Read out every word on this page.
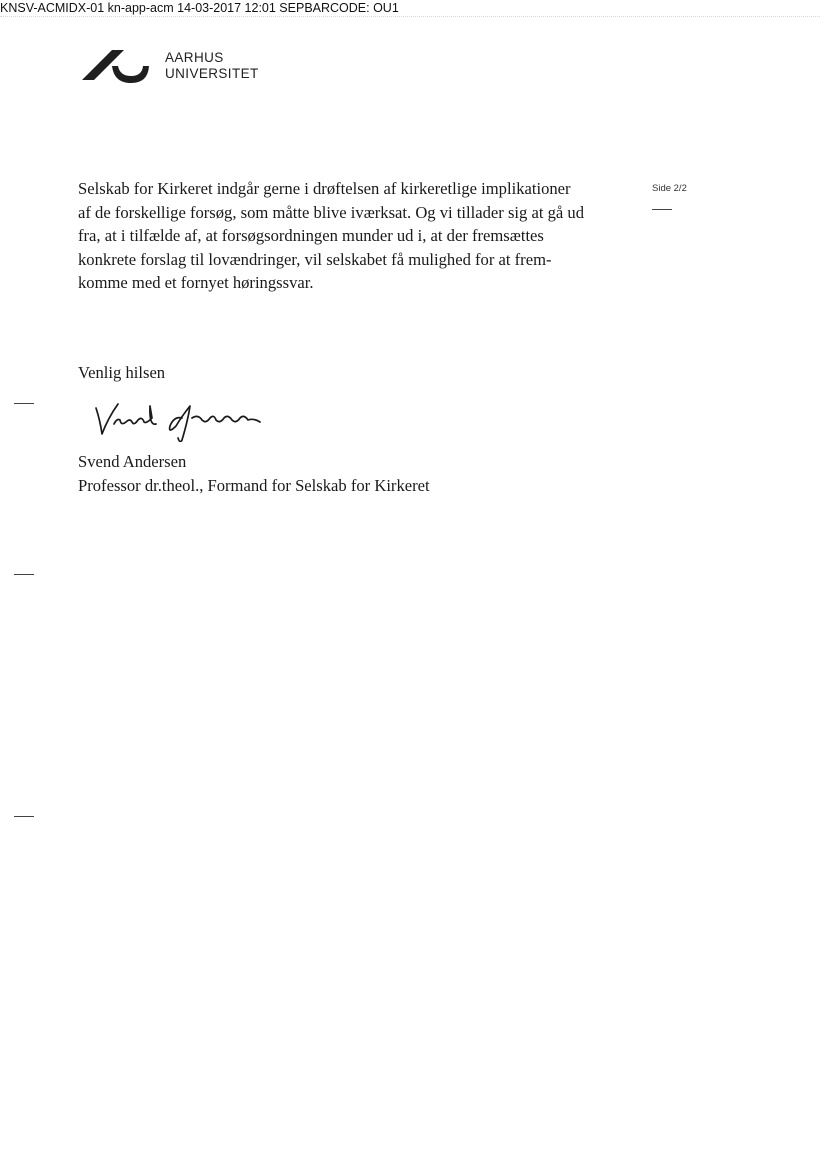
KNSV-ACMIDX-01 kn-app-acm 14-03-2017 12:01 SEPBARCODE: OU1
AARHUS
UNIVERSITET
Side 2/2
Selskab for Kirkeret indgår gerne i drøftelsen af kirkeretlige implikationer
af de forskellige forsøg, som måtte blive iværksat. Og vi tillader sig at gå ud
fra, at i tilfælde af, at forsøgsordningen munder ud i, at der fremsættes
konkrete forslag til lovændringer, vil selskabet få mulighed for at frem-
komme med et fornyet høringssvar.
Venlig hilsen
Svend Andersen
Professor dr.theol., Formand for Selskab for Kirkeret
